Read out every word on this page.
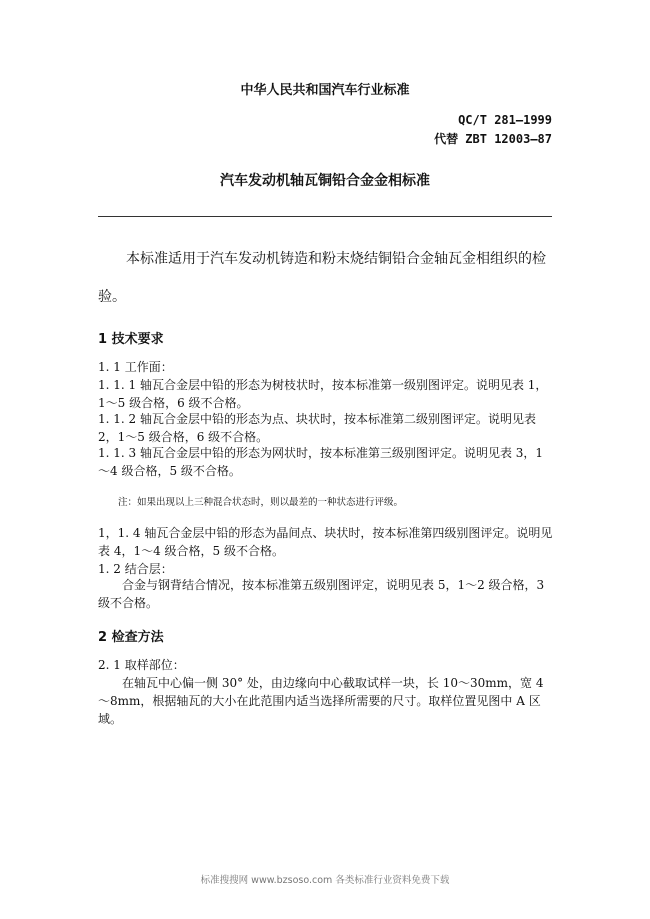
中华人民共和国汽车行业标准
QC/T 281—1999
代替 ZBT 12003—87
汽车发动机轴瓦铜铅合金金相标准
本标准适用于汽车发动机铸造和粉末烧结铜铅合金轴瓦金相组织的检验。
1 技术要求
1. 1 工作面：
1. 1. 1 轴瓦合金层中铅的形态为树枝状时，按本标准第一级别图评定。说明见表 1，1～5 级合格，6 级不合格。
1. 1. 2 轴瓦合金层中铅的形态为点、块状时，按本标准第二级别图评定。说明见表 2，1～5 级合格，6 级不合格。
1. 1. 3 轴瓦合金层中铅的形态为网状时，按本标准第三级别图评定。说明见表 3，1～4 级合格，5 级不合格。
注：如果出现以上三种混合状态时，则以最差的一种状态进行评级。
1，1. 4 轴瓦合金层中铅的形态为晶间点、块状时，按本标准第四级别图评定。说明见表 4，1～4 级合格，5 级不合格。
1. 2 结合层：
合金与钢背结合情况，按本标准第五级别图评定，说明见表 5，1～2 级合格，3 级不合格。
2 检查方法
2. 1 取样部位：
在轴瓦中心偏一侧 30° 处，由边缘向中心截取试样一块，长 10～30mm，宽 4～8mm，根据轴瓦的大小在此范围内适当选择所需要的尺寸。取样位置见图中 A 区域。
标准搜搜网 www.bzsoso.com 各类标准行业资料免费下载
